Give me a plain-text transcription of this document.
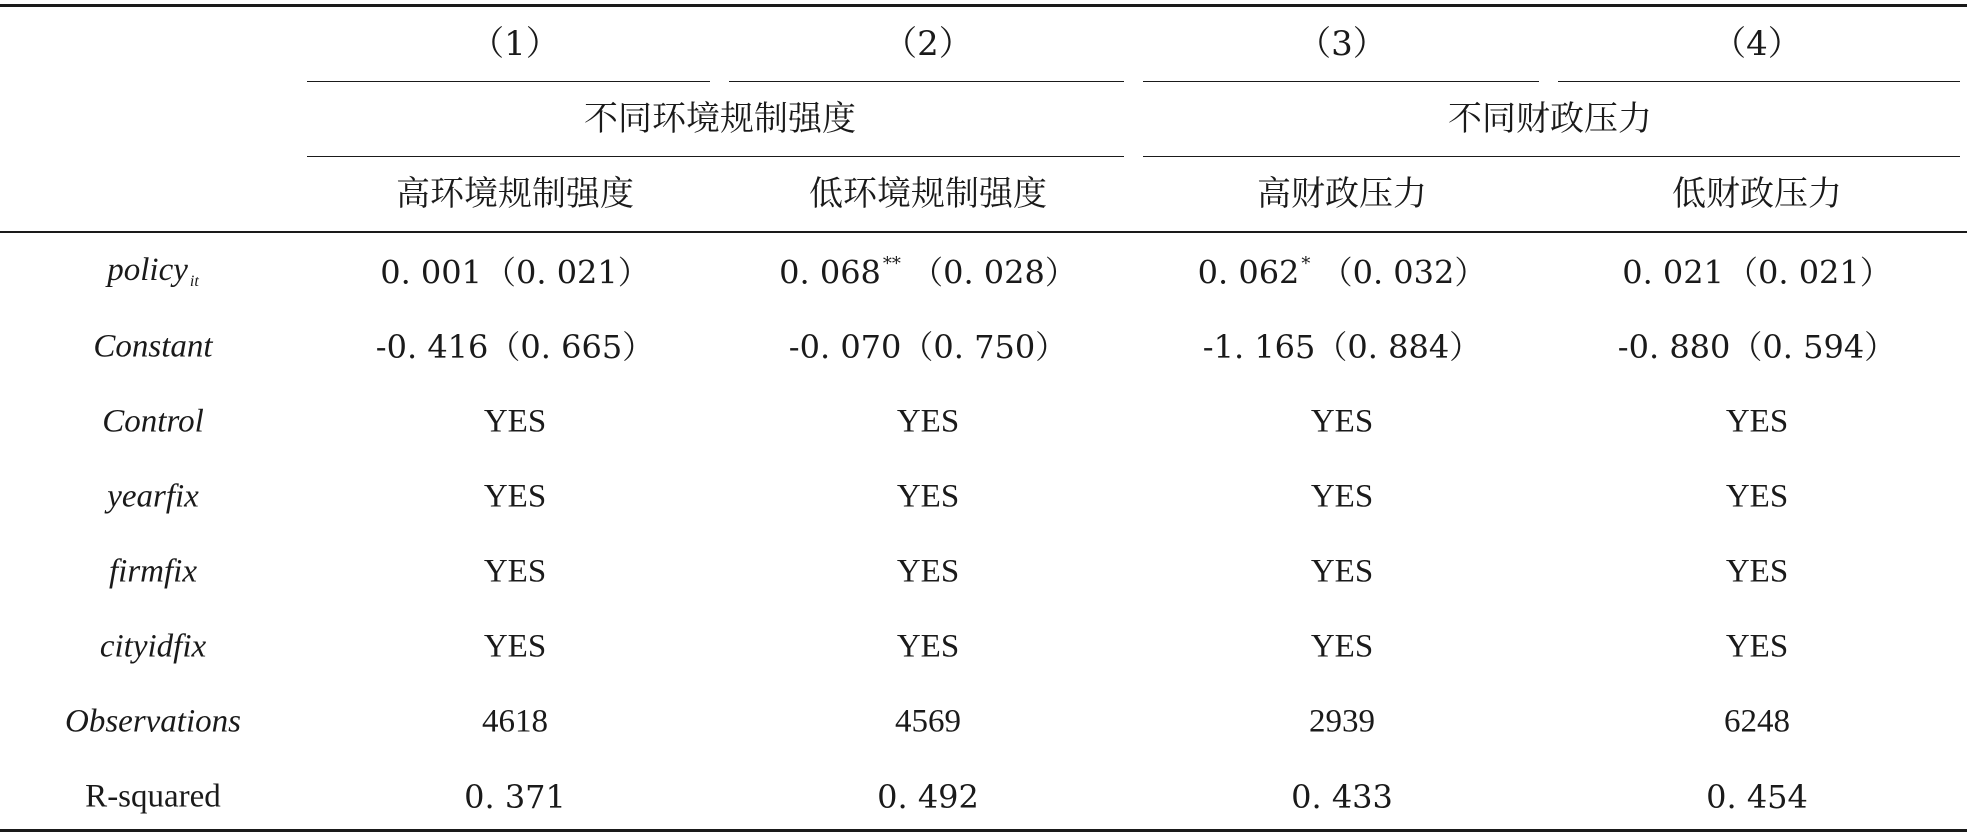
（1）	（2）	（3）	（4）
不同环境规制强度	不同财政压力
高环境规制强度	低环境规制强度	高财政压力	低财政压力
policy $_{it}$	0. 001（0. 021）	0. 068 ** （0. 028）	0. 062 * （0. 032）	0. 021（0. 021）
Constant	-0. 416（0. 665）	-0. 070（0. 750）	-1. 165（0. 884）	-0. 880（0. 594）
Control	YES	YES	YES	YES
yearfix	YES	YES	YES	YES
firmfix	YES	YES	YES	YES
cityidfix	YES	YES	YES	YES
Observations	4618	4569	2939	6248
R-squared	0. 371	0. 492	0. 433	0. 454
